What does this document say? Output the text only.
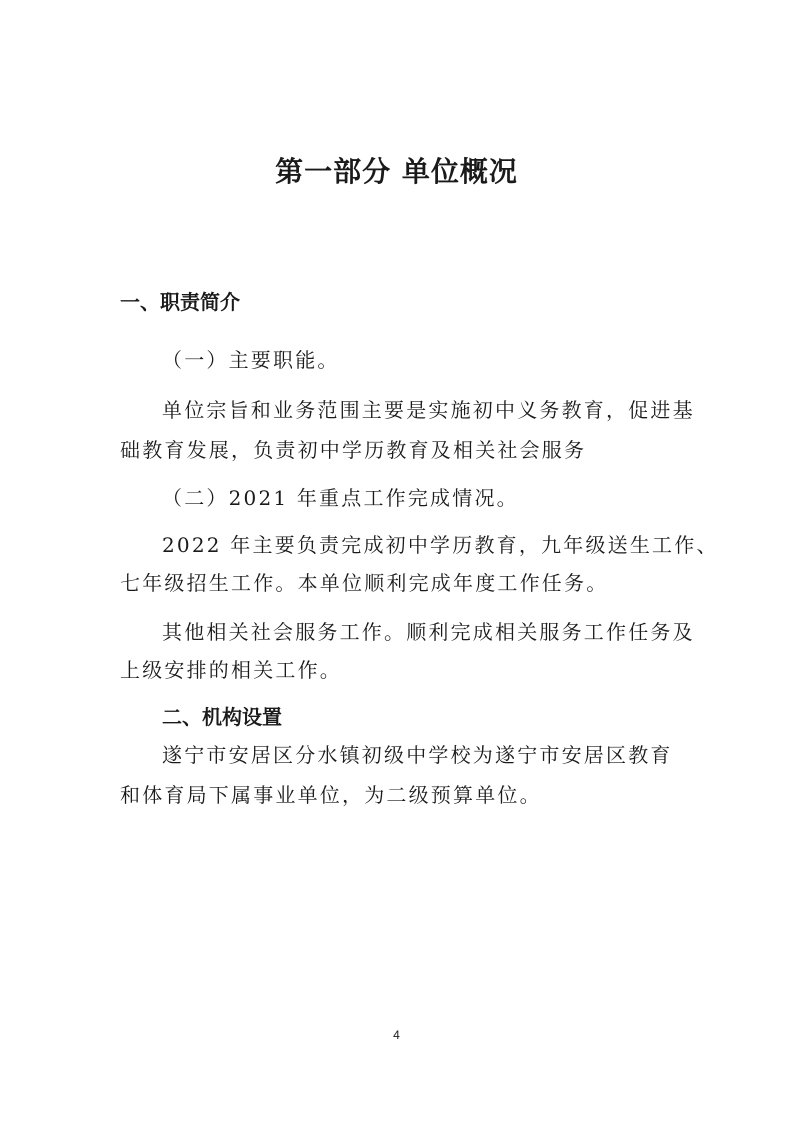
第一部分 单位概况
一、职责简介
（一）主要职能。
单位宗旨和业务范围主要是实施初中义务教育，促进基
础教育发展，负责初中学历教育及相关社会服务
（二）2021 年重点工作完成情况。
2022 年主要负责完成初中学历教育，九年级送生工作、
七年级招生工作。本单位顺利完成年度工作任务。
其他相关社会服务工作。顺利完成相关服务工作任务及
上级安排的相关工作。
二、机构设置
遂宁市安居区分水镇初级中学校为遂宁市安居区教育
和体育局下属事业单位，为二级预算单位。
4
